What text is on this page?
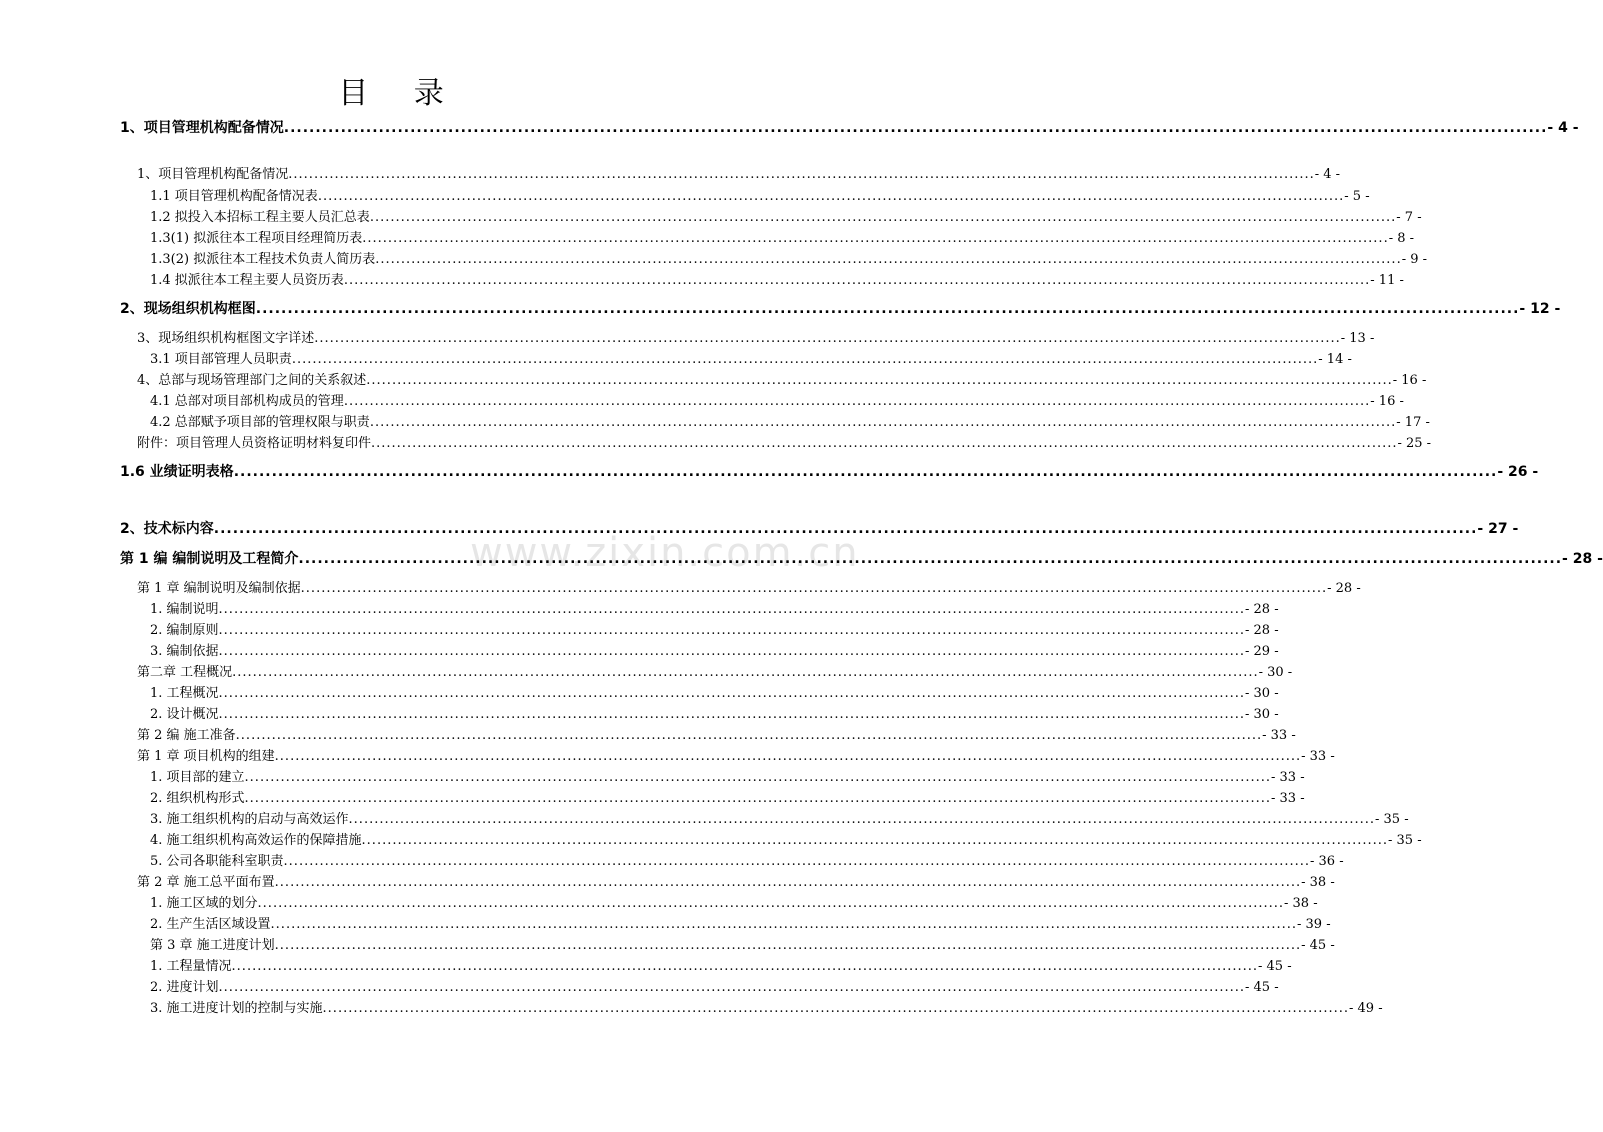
www.zixin.com.cn
目 录
1、项目管理机构配备情况 .....	- 4 -
1、项目管理机构配备情况 .....	- 4 -
1.1 项目管理机构配备情况表 .....	- 5 -
1.2 拟投入本招标工程主要人员汇总表 .....	- 7 -
1.3(1) 拟派往本工程项目经理简历表 .....	- 8 -
1.3(2) 拟派往本工程技术负责人简历表 .....	- 9 -
1.4 拟派往本工程主要人员资历表 .....	- 11 -
2、现场组织机构框图 .....	- 12 -
3、现场组织机构框图文字详述 .....	- 13 -
3.1 项目部管理人员职责 .....	- 14 -
4、总部与现场管理部门之间的关系叙述 .....	- 16 -
4.1 总部对项目部机构成员的管理 .....	- 16 -
4.2 总部赋予项目部的管理权限与职责 .....	- 17 -
附件：项目管理人员资格证明材料复印件 .....	- 25 -
1.6 业绩证明表格 .....	- 26 -
2、技术标内容 .....	- 27 -
第 1 编 编制说明及工程简介 .....	- 28 -
第 1 章 编制说明及编制依据 .....	- 28 -
1. 编制说明 .....	- 28 -
2. 编制原则 .....	- 28 -
3. 编制依据 .....	- 29 -
第二章 工程概况 .....	- 30 -
1. 工程概况 .....	- 30 -
2. 设计概况 .....	- 30 -
第 2 编 施工准备 .....	- 33 -
第 1 章 项目机构的组建 .....	- 33 -
1. 项目部的建立 .....	- 33 -
2. 组织机构形式 .....	- 33 -
3. 施工组织机构的启动与高效运作 .....	- 35 -
4. 施工组织机构高效运作的保障措施 .....	- 35 -
5. 公司各职能科室职责 .....	- 36 -
第 2 章 施工总平面布置 .....	- 38 -
1. 施工区域的划分 .....	- 38 -
2. 生产生活区域设置 .....	- 39 -
第 3 章 施工进度计划 .....	- 45 -
1. 工程量情况 .....	- 45 -
2. 进度计划 .....	- 45 -
3. 施工进度计划的控制与实施 .....	- 49 -
